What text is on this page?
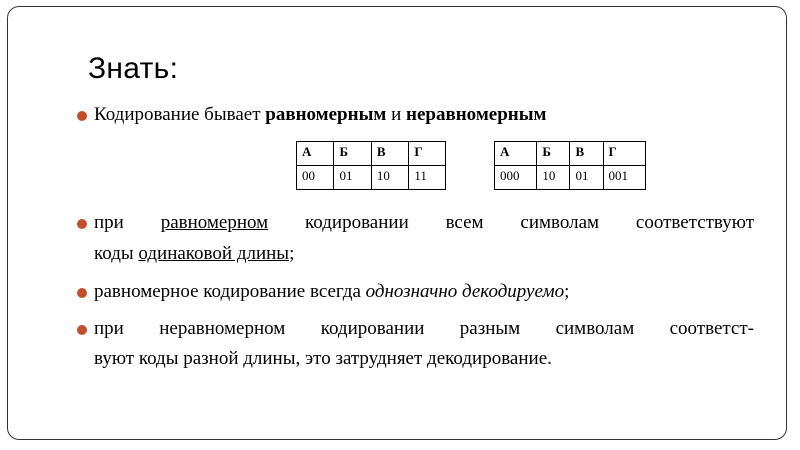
Знать:
Кодирование бывает равномерным и неравномерным
А	Б	В	Г
00	01	10	11
А	Б	В	Г
000	10	01	001
при равномерном кодировании всем символам соответствуют
коды одинаковой длины;
равномерное кодирование всегда однозначно декодируемо;
при неравномерном кодировании разным символам соответст-
вуют коды разной длины, это затрудняет декодирование.
